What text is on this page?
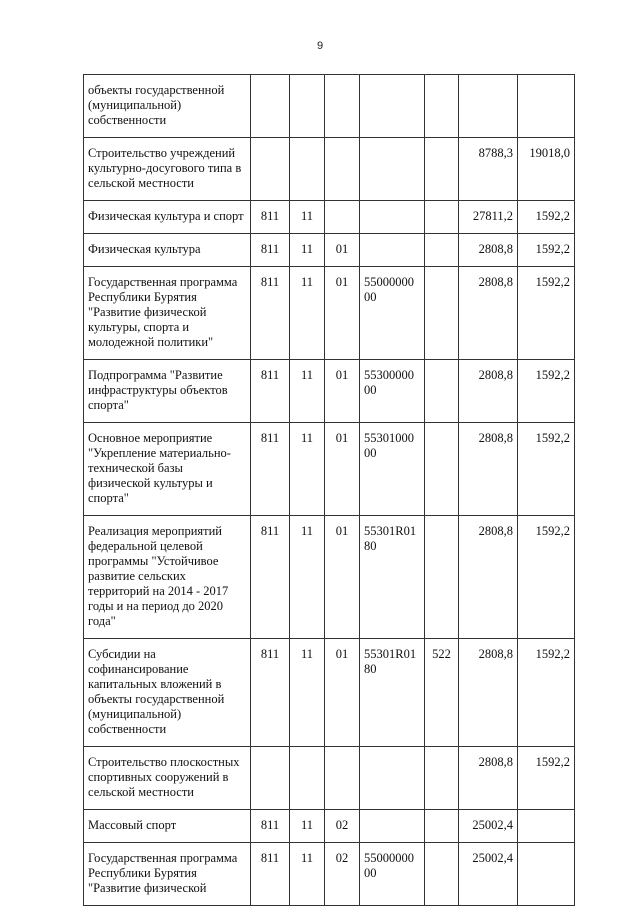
9
объекты государственной (муниципальной) собственности							
Строительство учреждений культурно-досугового типа в сельской местности						8788,3	19018,0
Физическая культура и спорт	811	11				27811,2	1592,2
Физическая культура	811	11	01			2808,8	1592,2
Государственная программа Республики Бурятия "Развитие физической культуры, спорта и молодежной политики"	811	11	01	5500000000		2808,8	1592,2
Подпрограмма "Развитие инфраструктуры объектов спорта"	811	11	01	5530000000		2808,8	1592,2
Основное мероприятие "Укрепление материально-технической базы физической культуры и спорта"	811	11	01	5530100000		2808,8	1592,2
Реализация мероприятий федеральной целевой программы "Устойчивое развитие сельских территорий на 2014 - 2017 годы и на период до 2020 года"	811	11	01	55301R0180		2808,8	1592,2
Субсидии на софинансирование капитальных вложений в объекты государственной (муниципальной) собственности	811	11	01	55301R0180	522	2808,8	1592,2
Строительство плоскостных спортивных сооружений в сельской местности						2808,8	1592,2
Массовый спорт	811	11	02			25002,4	
Государственная программа Республики Бурятия "Развитие физической	811	11	02	5500000000		25002,4	
